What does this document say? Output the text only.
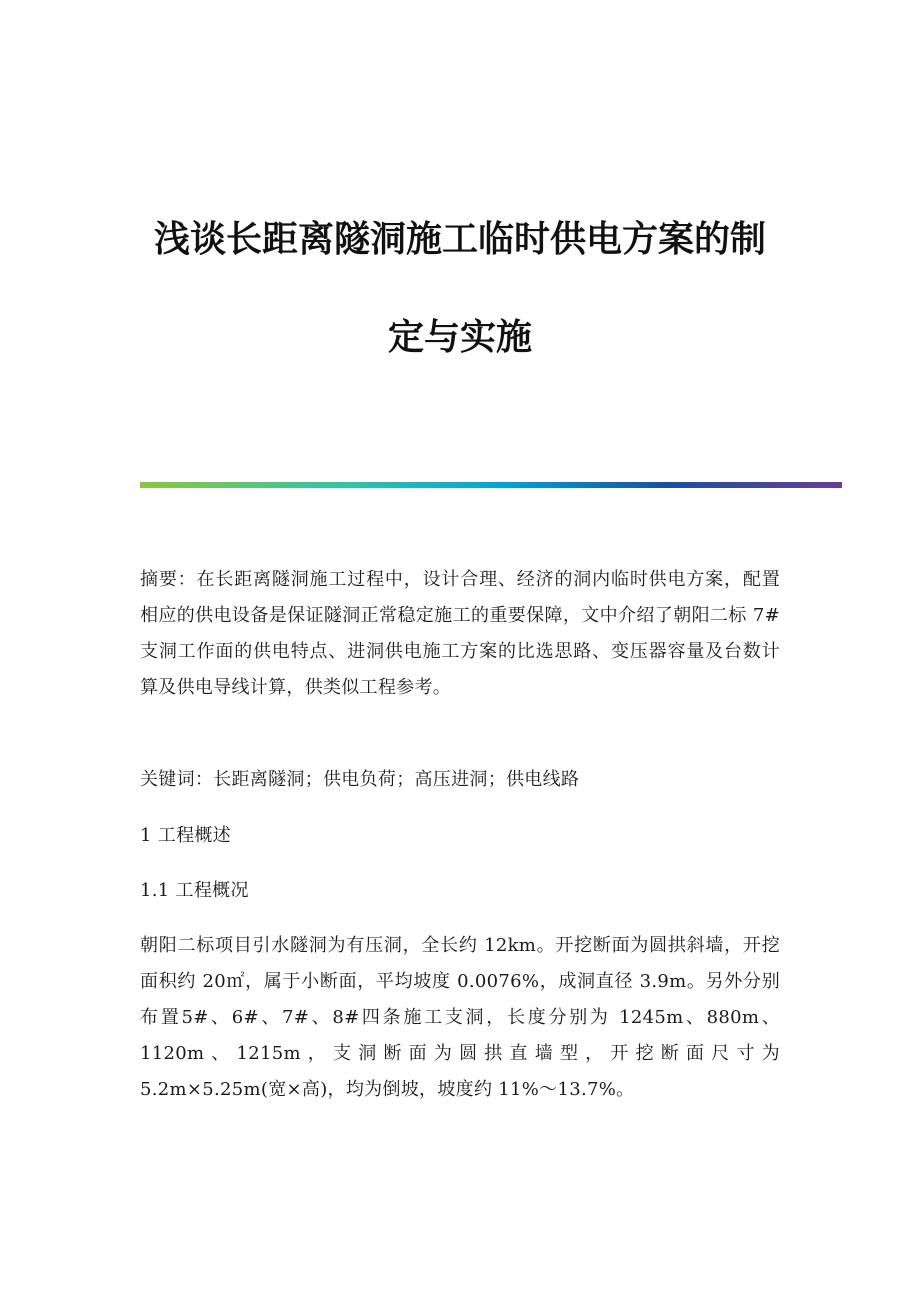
浅谈长距离隧洞施工临时供电方案的制
定与实施

摘要：在长距离隧洞施工过程中，设计合理、经济的洞内临时供电方案，配置相应的供电设备是保证隧洞正常稳定施工的重要保障，文中介绍了朝阳二标 7#支洞工作面的供电特点、进洞供电施工方案的比选思路、变压器容量及台数计算及供电导线计算，供类似工程参考。

关键词：长距离隧洞；供电负荷；高压进洞；供电线路

1 工程概述

1.1 工程概况

朝阳二标项目引水隧洞为有压洞，全长约 12km。开挖断面为圆拱斜墙，开挖面积约 20㎡，属于小断面，平均坡度 0.0076%，成洞直径 3.9m。另外分别布置5#、6#、7#、8#四条施工支洞，长度分别为 1245m、880m、1120m、1215m，支洞断面为圆拱直墙型，开挖断面尺寸为 5.2m×5.25m(宽×高)，均为倒坡，坡度约 11%～13.7%。
